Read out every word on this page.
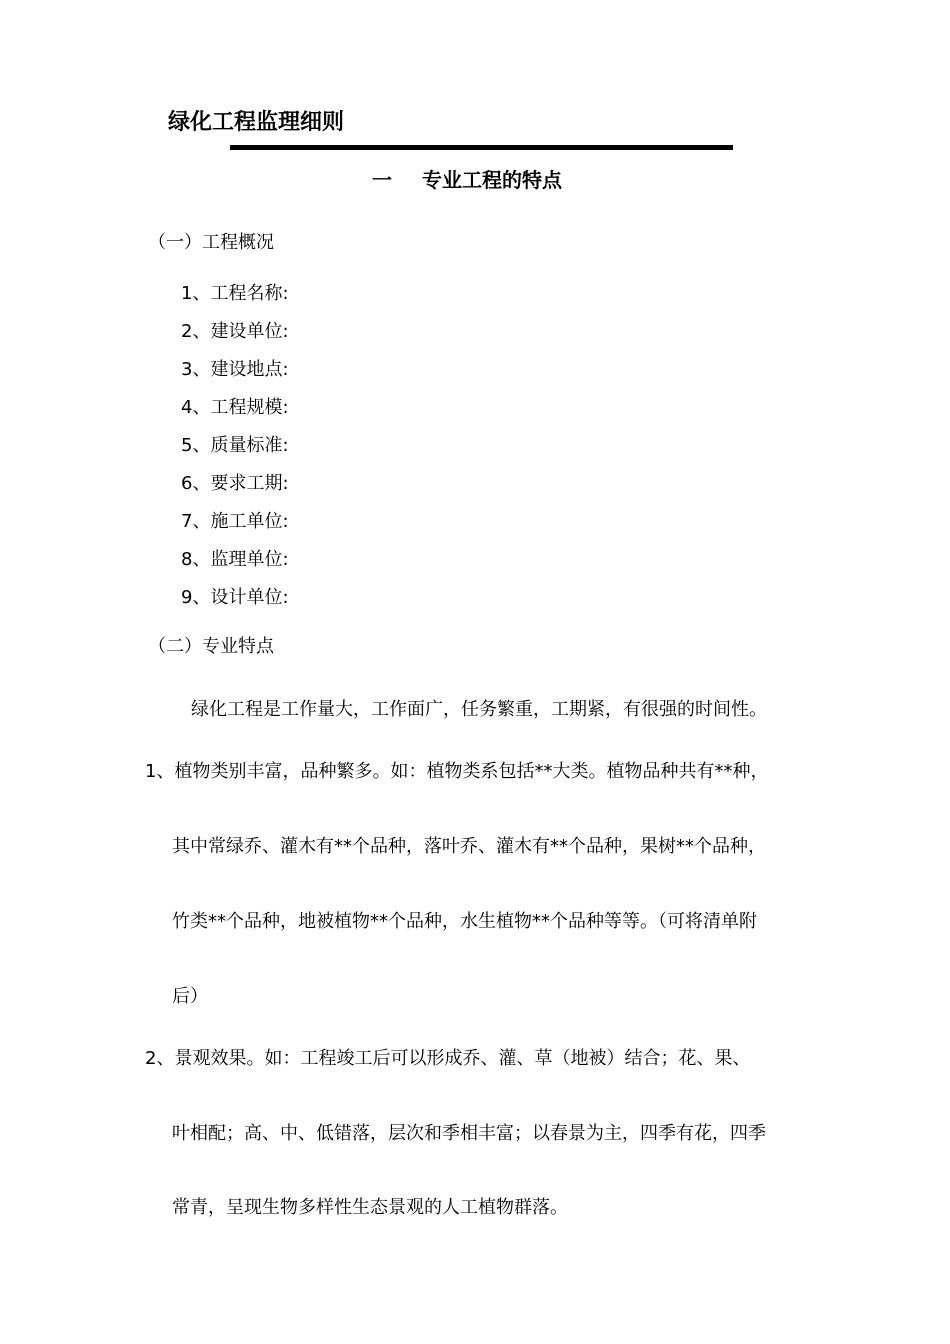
绿化工程监理细则
一 专业工程的特点
（一）工程概况
1、工程名称:
2、建设单位:
3、建设地点:
4、工程规模:
5、质量标准:
6、要求工期:
7、施工单位:
8、监理单位:
9、设计单位:
（二）专业特点
绿化工程是工作量大，工作面广，任务繁重，工期紧，有很强的时间性。
1、植物类别丰富，品种繁多。如：植物类系包括**大类。植物品种共有**种，
其中常绿乔、灌木有**个品种，落叶乔、灌木有**个品种，果树**个品种，
竹类**个品种，地被植物**个品种，水生植物**个品种等等。（可将清单附
后）
2、景观效果。如：工程竣工后可以形成乔、灌、草（地被）结合；花、果、
叶相配；高、中、低错落，层次和季相丰富；以春景为主，四季有花，四季
常青，呈现生物多样性生态景观的人工植物群落。
